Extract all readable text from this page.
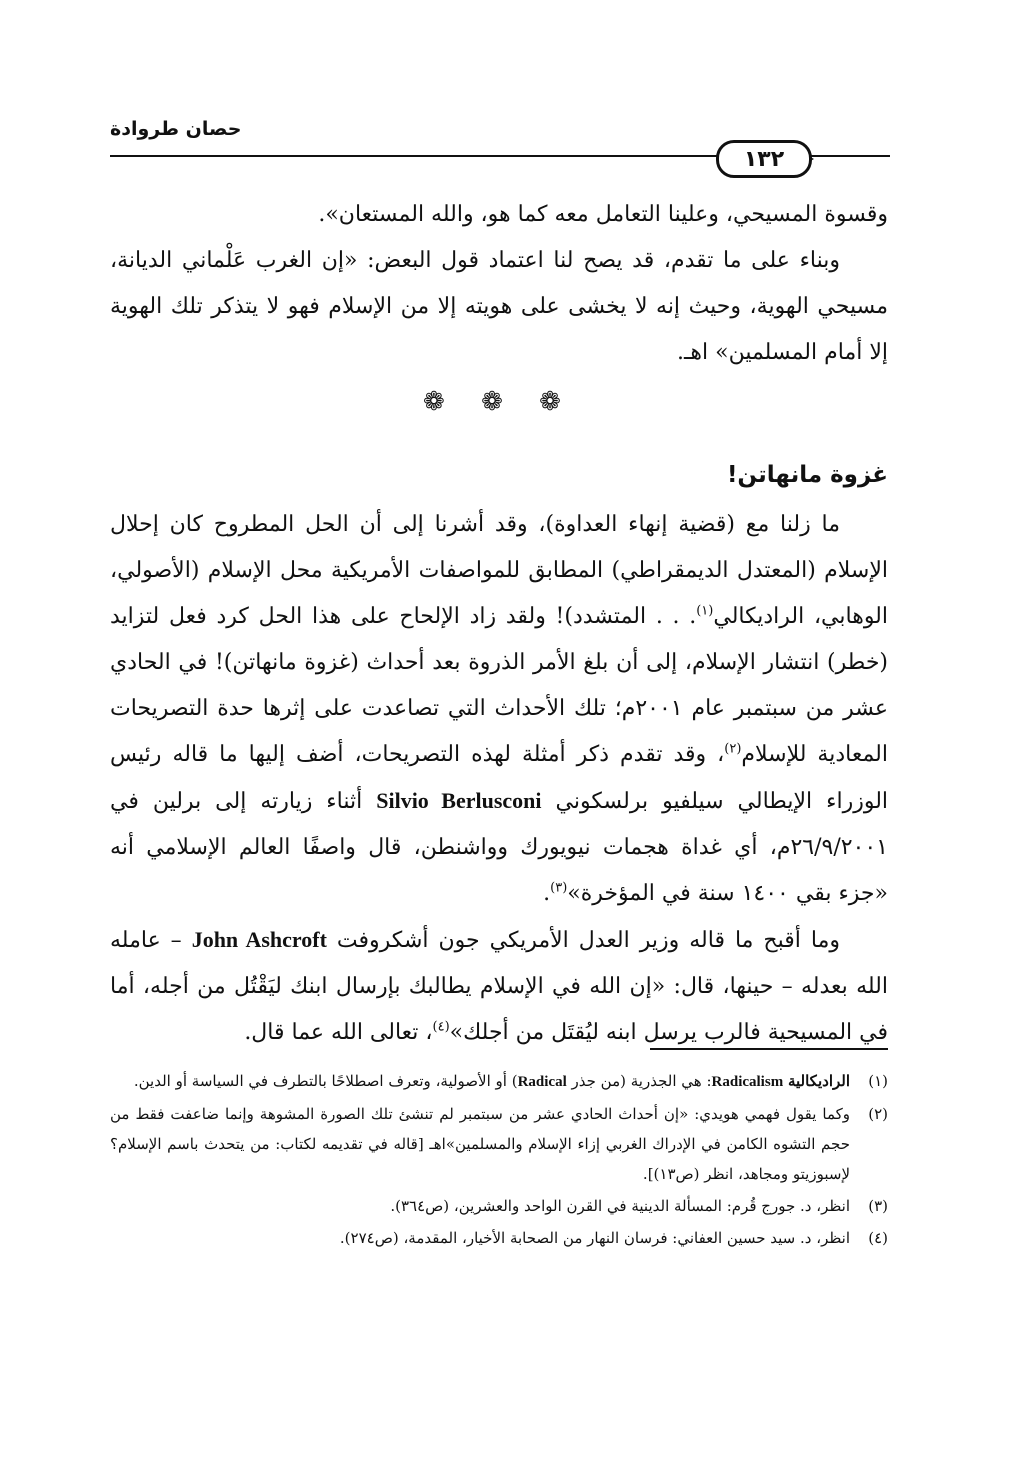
حصان طروادة
١٣٢

وقسوة المسيحي، وعلينا التعامل معه كما هو، والله المستعان».

وبناء على ما تقدم، قد يصح لنا اعتماد قول البعض: «إن الغرب عَلْماني الديانة، مسيحي الهوية، وحيث إنه لا يخشى على هويته إلا من الإسلام فهو لا يتذكر تلك الهوية إلا أمام المسلمين» اهـ.

❁ ❁ ❁
غزوة مانهاتن!

ما زلنا مع (قضية إنهاء العداوة)، وقد أشرنا إلى أن الحل المطروح كان إحلال الإسلام (المعتدل الديمقراطي) المطابق للمواصفات الأمريكية محل الإسلام (الأصولي، الوهابي، الراديكالي$^{(١)}$. . . المتشدد)! ولقد زاد الإلحاح على هذا الحل كرد فعل لتزايد (خطر) انتشار الإسلام، إلى أن بلغ الأمر الذروة بعد أحداث (غزوة مانهاتن)! في الحادي عشر من سبتمبر عام ٢٠٠١م؛ تلك الأحداث التي تصاعدت على إثرها حدة التصريحات المعادية للإسلام$^{(٢)}$، وقد تقدم ذكر أمثلة لهذه التصريحات، أضف إليها ما قاله رئيس الوزراء الإيطالي سيلفيو برلسكوني Silvio Berlusconi أثناء زيارته إلى برلين في ٢٦/٩/٢٠٠١م، أي غداة هجمات نيويورك وواشنطن، قال واصفًا العالم الإسلامي أنه «جزء بقي ١٤٠٠ سنة في المؤخرة»$^{(٣)}$.

وما أقبح ما قاله وزير العدل الأمريكي جون أشكروفت John Ashcroft – عامله الله بعدله – حينها، قال: «إن الله في الإسلام يطالبك بإرسال ابنك ليَقْتُل من أجله، أما في المسيحية فالرب يرسل ابنه ليُقتَل من أجلك»$^{(٤)}$، تعالى الله عما قال.

(١)
الراديكالية Radicalism: هي الجذرية (من جذر Radical) أو الأصولية، وتعرف اصطلاحًا بالتطرف في السياسة أو الدين.
(٢)
وكما يقول فهمي هويدي: «إن أحداث الحادي عشر من سبتمبر لم تنشئ تلك الصورة المشوهة وإنما ضاعفت فقط من حجم التشوه الكامن في الإدراك الغربي إزاء الإسلام والمسلمين»اهـ [قاله في تقديمه لكتاب: من يتحدث باسم الإسلام؟ لإسبوزيتو ومجاهد، انظر (ص١٣)].
(٣)
انظر، د. جورج قُرم: المسألة الدينية في القرن الواحد والعشرين، (ص٣٦٤).
(٤)
انظر، د. سيد حسين العفاني: فرسان النهار من الصحابة الأخيار، المقدمة، (ص٢٧٤).
